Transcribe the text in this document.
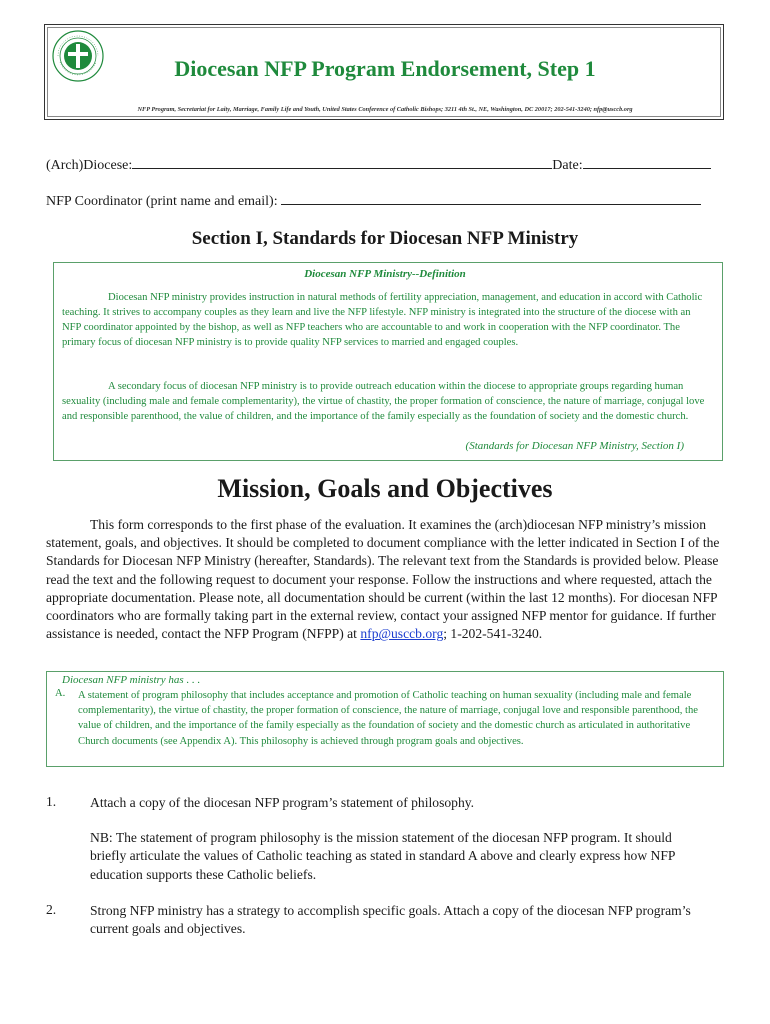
Diocesan NFP Program Endorsement, Step 1
NFP Program, Secretariat for Laity, Marriage, Family Life and Youth, United States Conference of Catholic Bishops; 3211 4th St., NE, Washington, DC 20017; 202-541-3240; nfp@usccb.org
(Arch)Diocese:	Date:
NFP Coordinator (print name and email):
Section I, Standards for Diocesan NFP Ministry
Diocesan NFP Ministry--Definition
Diocesan NFP ministry provides instruction in natural methods of fertility appreciation, management, and education in accord with Catholic teaching. It strives to accompany couples as they learn and live the NFP lifestyle. NFP ministry is integrated into the structure of the diocese with an NFP coordinator appointed by the bishop, as well as NFP teachers who are accountable to and work in cooperation with the NFP coordinator. The primary focus of diocesan NFP ministry is to provide quality NFP services to married and engaged couples.
A secondary focus of diocesan NFP ministry is to provide outreach education within the diocese to appropriate groups regarding human sexuality (including male and female complementarity), the virtue of chastity, the proper formation of conscience, the nature of marriage, conjugal love and responsible parenthood, the value of children, and the importance of the family especially as the foundation of society and the domestic church.
(Standards for Diocesan NFP Ministry, Section I)
Mission, Goals and Objectives
This form corresponds to the first phase of the evaluation. It examines the (arch)diocesan NFP ministry’s mission statement, goals, and objectives. It should be completed to document compliance with the letter indicated in Section I of the Standards for Diocesan NFP Ministry (hereafter, Standards). The relevant text from the Standards is provided below. Please read the text and the following request to document your response. Follow the instructions and where requested, attach the appropriate documentation. Please note, all documentation should be current (within the last 12 months). For diocesan NFP coordinators who are formally taking part in the external review, contact your assigned NFP mentor for guidance. If further assistance is needed, contact the NFP Program (NFPP) at nfp@usccb.org; 1-202-541-3240.
Diocesan NFP ministry has . . .
A. A statement of program philosophy that includes acceptance and promotion of Catholic teaching on human sexuality (including male and female complementarity), the virtue of chastity, the proper formation of conscience, the nature of marriage, conjugal love and responsible parenthood, the value of children, and the importance of the family especially as the foundation of society and the domestic church as articulated in authoritative Church documents (see Appendix A). This philosophy is achieved through program goals and objectives.
1. Attach a copy of the diocesan NFP program’s statement of philosophy.
NB: The statement of program philosophy is the mission statement of the diocesan NFP program. It should briefly articulate the values of Catholic teaching as stated in standard A above and clearly express how NFP education supports these Catholic beliefs.
2. Strong NFP ministry has a strategy to accomplish specific goals. Attach a copy of the diocesan NFP program’s current goals and objectives.
